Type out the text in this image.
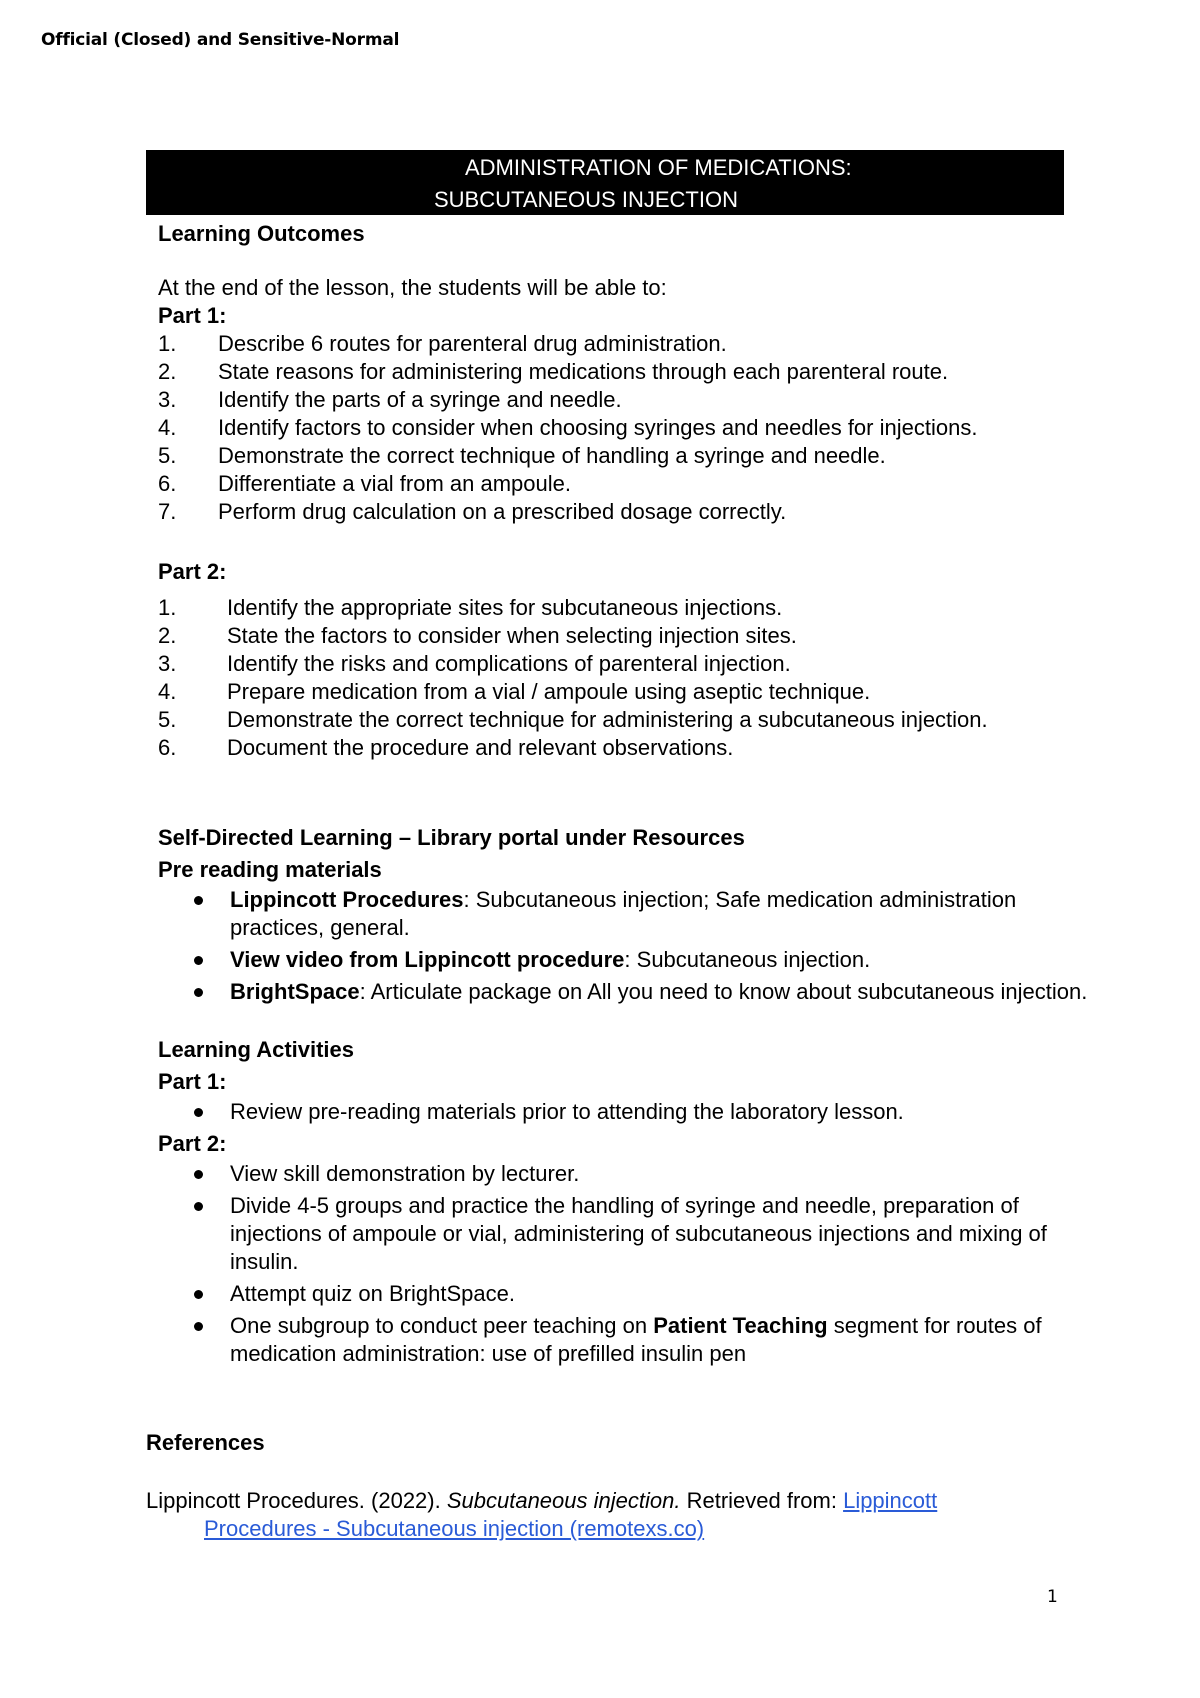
Official (Closed) and Sensitive-Normal
ADMINISTRATION OF MEDICATIONS:
SUBCUTANEOUS INJECTION
Learning Outcomes
At the end of the lesson, the students will be able to:
Part 1:
1. Describe 6 routes for parenteral drug administration.
2. State reasons for administering medications through each parenteral route.
3. Identify the parts of a syringe and needle.
4. Identify factors to consider when choosing syringes and needles for injections.
5. Demonstrate the correct technique of handling a syringe and needle.
6. Differentiate a vial from an ampoule.
7. Perform drug calculation on a prescribed dosage correctly.
Part 2:
1. Identify the appropriate sites for subcutaneous injections.
2. State the factors to consider when selecting injection sites.
3. Identify the risks and complications of parenteral injection.
4. Prepare medication from a vial / ampoule using aseptic technique.
5. Demonstrate the correct technique for administering a subcutaneous injection.
6. Document the procedure and relevant observations.
Self-Directed Learning – Library portal under Resources
Pre reading materials
Lippincott Procedures: Subcutaneous injection; Safe medication administration practices, general.
View video from Lippincott procedure: Subcutaneous injection.
BrightSpace: Articulate package on All you need to know about subcutaneous injection.
Learning Activities
Part 1:
Review pre-reading materials prior to attending the laboratory lesson.
Part 2:
View skill demonstration by lecturer.
Divide 4-5 groups and practice the handling of syringe and needle, preparation of injections of ampoule or vial, administering of subcutaneous injections and mixing of insulin.
Attempt quiz on BrightSpace.
One subgroup to conduct peer teaching on Patient Teaching segment for routes of medication administration: use of prefilled insulin pen
References
Lippincott Procedures. (2022). Subcutaneous injection. Retrieved from: Lippincott
Procedures - Subcutaneous injection (remotexs.co)
1
